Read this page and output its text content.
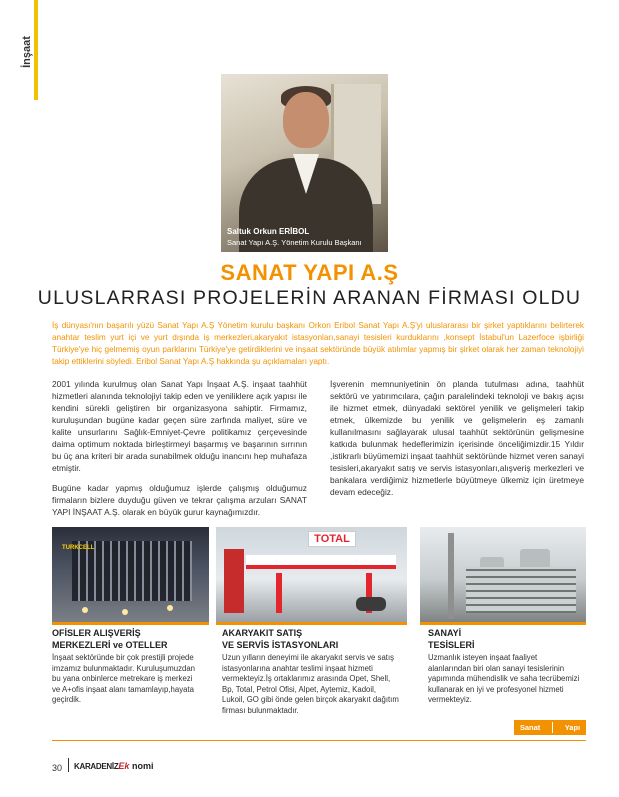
İnşaat
Saltuk Orkun ERİBOL
Sanat Yapı A.Ş. Yönetim Kurulu Başkanı
SANAT YAPI A.Ş
ULUSLARRASI PROJELERİN ARANAN FİRMASI OLDU
İş dünyası'nın başarılı yüzü Sanat Yapı A.Ş Yönetim kurulu başkanı Orkon Eribol Sanat Yapı A.Ş'yi uluslararası bir şirket yaptıklarını belirterek anahtar teslim yurt içi ve yurt dışında iş merkezleri,akaryakıt istasyonları,sanayi tesisleri kurduklarını ,konsept İstabul'un Lazerfoce işbirliği Türkiye'ye hiç gelmemiş oyun parklarını Türkiye'ye getirdiklerini ve inşaat sektöründe büyük atılımlar yapmış bir şirket olarak her zaman teknolojiyi takip ettiklerini söyledi. Eribol Sanat Yapı A.Ş hakkında şu açıklamaları yaptı.

2001 yılında kurulmuş olan Sanat Yapı İnşaat A.Ş. inşaat taahhüt hizmetleri alanında teknolojiyi takip eden ve yeniliklere açık yapısı ile kendini sürekli geliştiren bir organizasyona sahiptir. Firmamız, kuruluşundan bugüne kadar geçen süre zarfında maliyet, süre ve kalite unsurlarını Sağlık-Emniyet-Çevre politikamız çerçevesinde daima optimum noktada birleştirmeyi başarmış ve başarının sırrının bu üç ana kriteri bir arada sunabilmek olduğu inancını hep muhafaza etmiştir.

Bugüne kadar yapmış olduğumuz işlerde çalışmış olduğumuz firmaların bizlere duyduğu güven ve tekrar çalışma arzuları SANAT YAPI İNŞAAT A.Ş. olarak en büyük gurur kaynağımızdır.

İşverenin memnuniyetinin ön planda tutulması adına, taahhüt sektörü ve yatırımcılara, çağın paralelindeki teknoloji ve bakış açısı ile hizmet etmek, dünyadaki sektörel yenilik ve gelişmeleri takip etmek, ülkemizde bu yenilik ve gelişmelerin eş zamanlı kullanılmasını sağlayarak ulusal taahhüt sektörünün gelişmesine katkıda bulunmak hedeflerimizin içerisinde önceliğimizdir.15 Yıldır ,istikrarlı büyümemizi inşaat taahhüt sektöründe hizmet veren sanayi tesisleri,akaryakıt satış ve servis istasyonları,alışveriş merkezleri ve bankalara verdiğimiz hizmetlerle büyütmeye ülkemiz için üretmeye devam edeceğiz.

TURKCELL
TOTAL
OFİSLER ALIŞVERİŞ
MERKEZLERİ ve OTELLER
İnşaat sektöründe bir çok prestijli projede imzamız bulunmaktadır. Kuruluşumuzdan bu yana onbinlerce metrekare iş merkezi ve A+ofis inşaat alanı tamamlayıp,hayata geçirdik.
AKARYAKIT SATIŞ
VE SERVİS İSTASYONLARI
Uzun yılların deneyimi ile akaryakıt servis ve satış istasyonlarına anahtar teslimi inşaat hizmeti vermekteyiz.İş ortaklarımız arasında Opet, Shell, Bp, Total, Petrol Ofisi, Alpet, Aytemiz, Kadoil, Lukoil, GO gibi önde gelen birçok akaryakıt dağıtım firması bulunmaktadır.
SANAYİ
TESİSLERİ
Uzmanlık isteyen inşaat faaliyet alanlarından biri olan sanayi tesislerinin yapımında mühendislik ve saha tecrübemizi kullanarak en iyi ve profesyonel hizmeti vermekteyiz.
Sanat	Yapı
30 KARADENİZEk nomi
